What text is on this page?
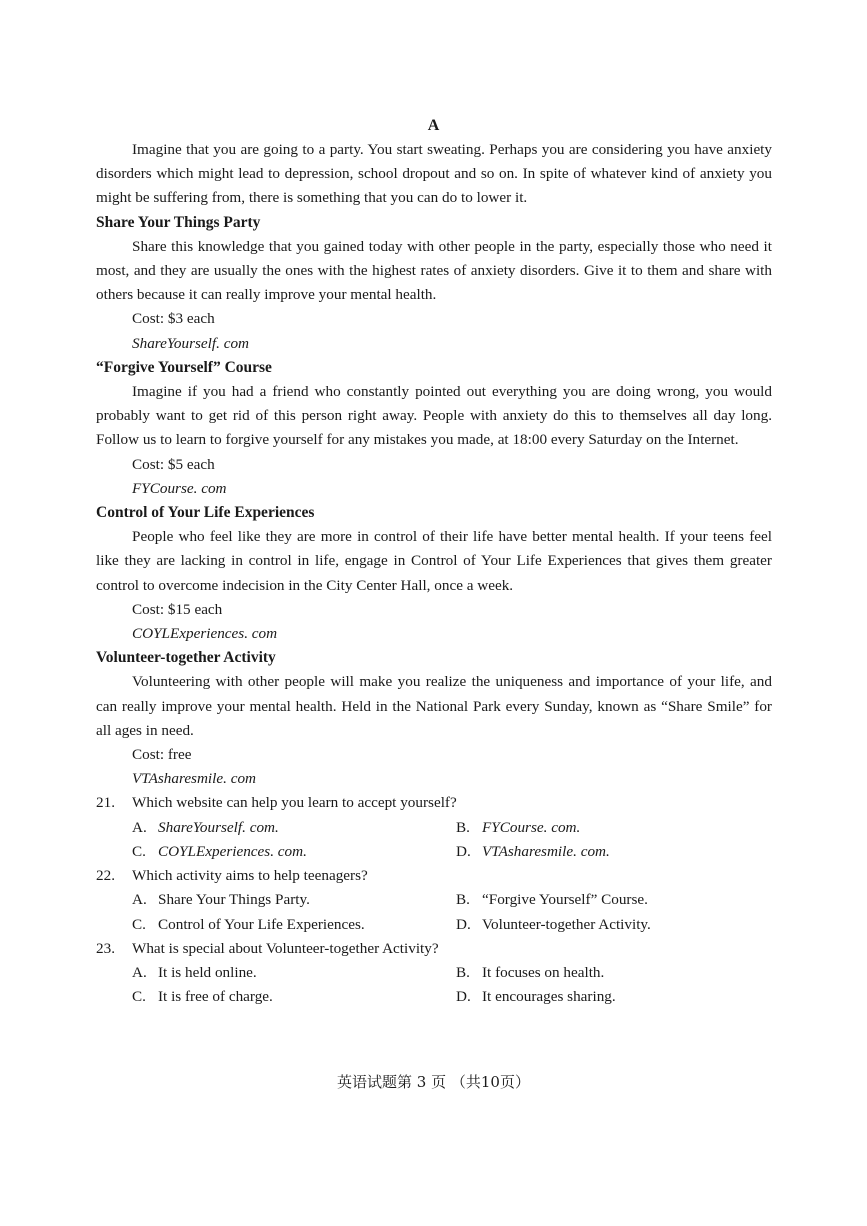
A

Imagine that you are going to a party. You start sweating. Perhaps you are considering you have anxiety disorders which might lead to depression, school dropout and so on. In spite of whatever kind of anxiety you might be suffering from, there is something that you can do to lower it.

Share Your Things Party

Share this knowledge that you gained today with other people in the party, especially those who need it most, and they are usually the ones with the highest rates of anxiety disorders. Give it to them and share with others because it can really improve your mental health.

Cost: $3 each

ShareYourself. com

“Forgive Yourself” Course

Imagine if you had a friend who constantly pointed out everything you are doing wrong, you would probably want to get rid of this person right away. People with anxiety do this to themselves all day long. Follow us to learn to forgive yourself for any mistakes you made, at 18:00 every Saturday on the Internet.

Cost: $5 each

FYCourse. com

Control of Your Life Experiences

People who feel like they are more in control of their life have better mental health. If your teens feel like they are lacking in control in life, engage in Control of Your Life Experiences that gives them greater control to overcome indecision in the City Center Hall, once a week.

Cost: $15 each

COYLExperiences. com

Volunteer-together Activity

Volunteering with other people will make you realize the uniqueness and importance of your life, and can really improve your mental health. Held in the National Park every Sunday, known as “Share Smile” for all ages in need.

Cost: free

VTAsharesmile. com

21. Which website can help you learn to accept yourself?

A. ShareYourself. com.	B. FYCourse. com.
C. COYLExperiences. com.	D. VTAsharesmile. com.

22. Which activity aims to help teenagers?

A. Share Your Things Party.	B. “Forgive Yourself” Course.
C. Control of Your Life Experiences.	D. Volunteer-together Activity.

23. What is special about Volunteer-together Activity?

A. It is held online.	B. It focuses on health.
C. It is free of charge.	D. It encourages sharing.
英语试题第 3 页 （共10页）
